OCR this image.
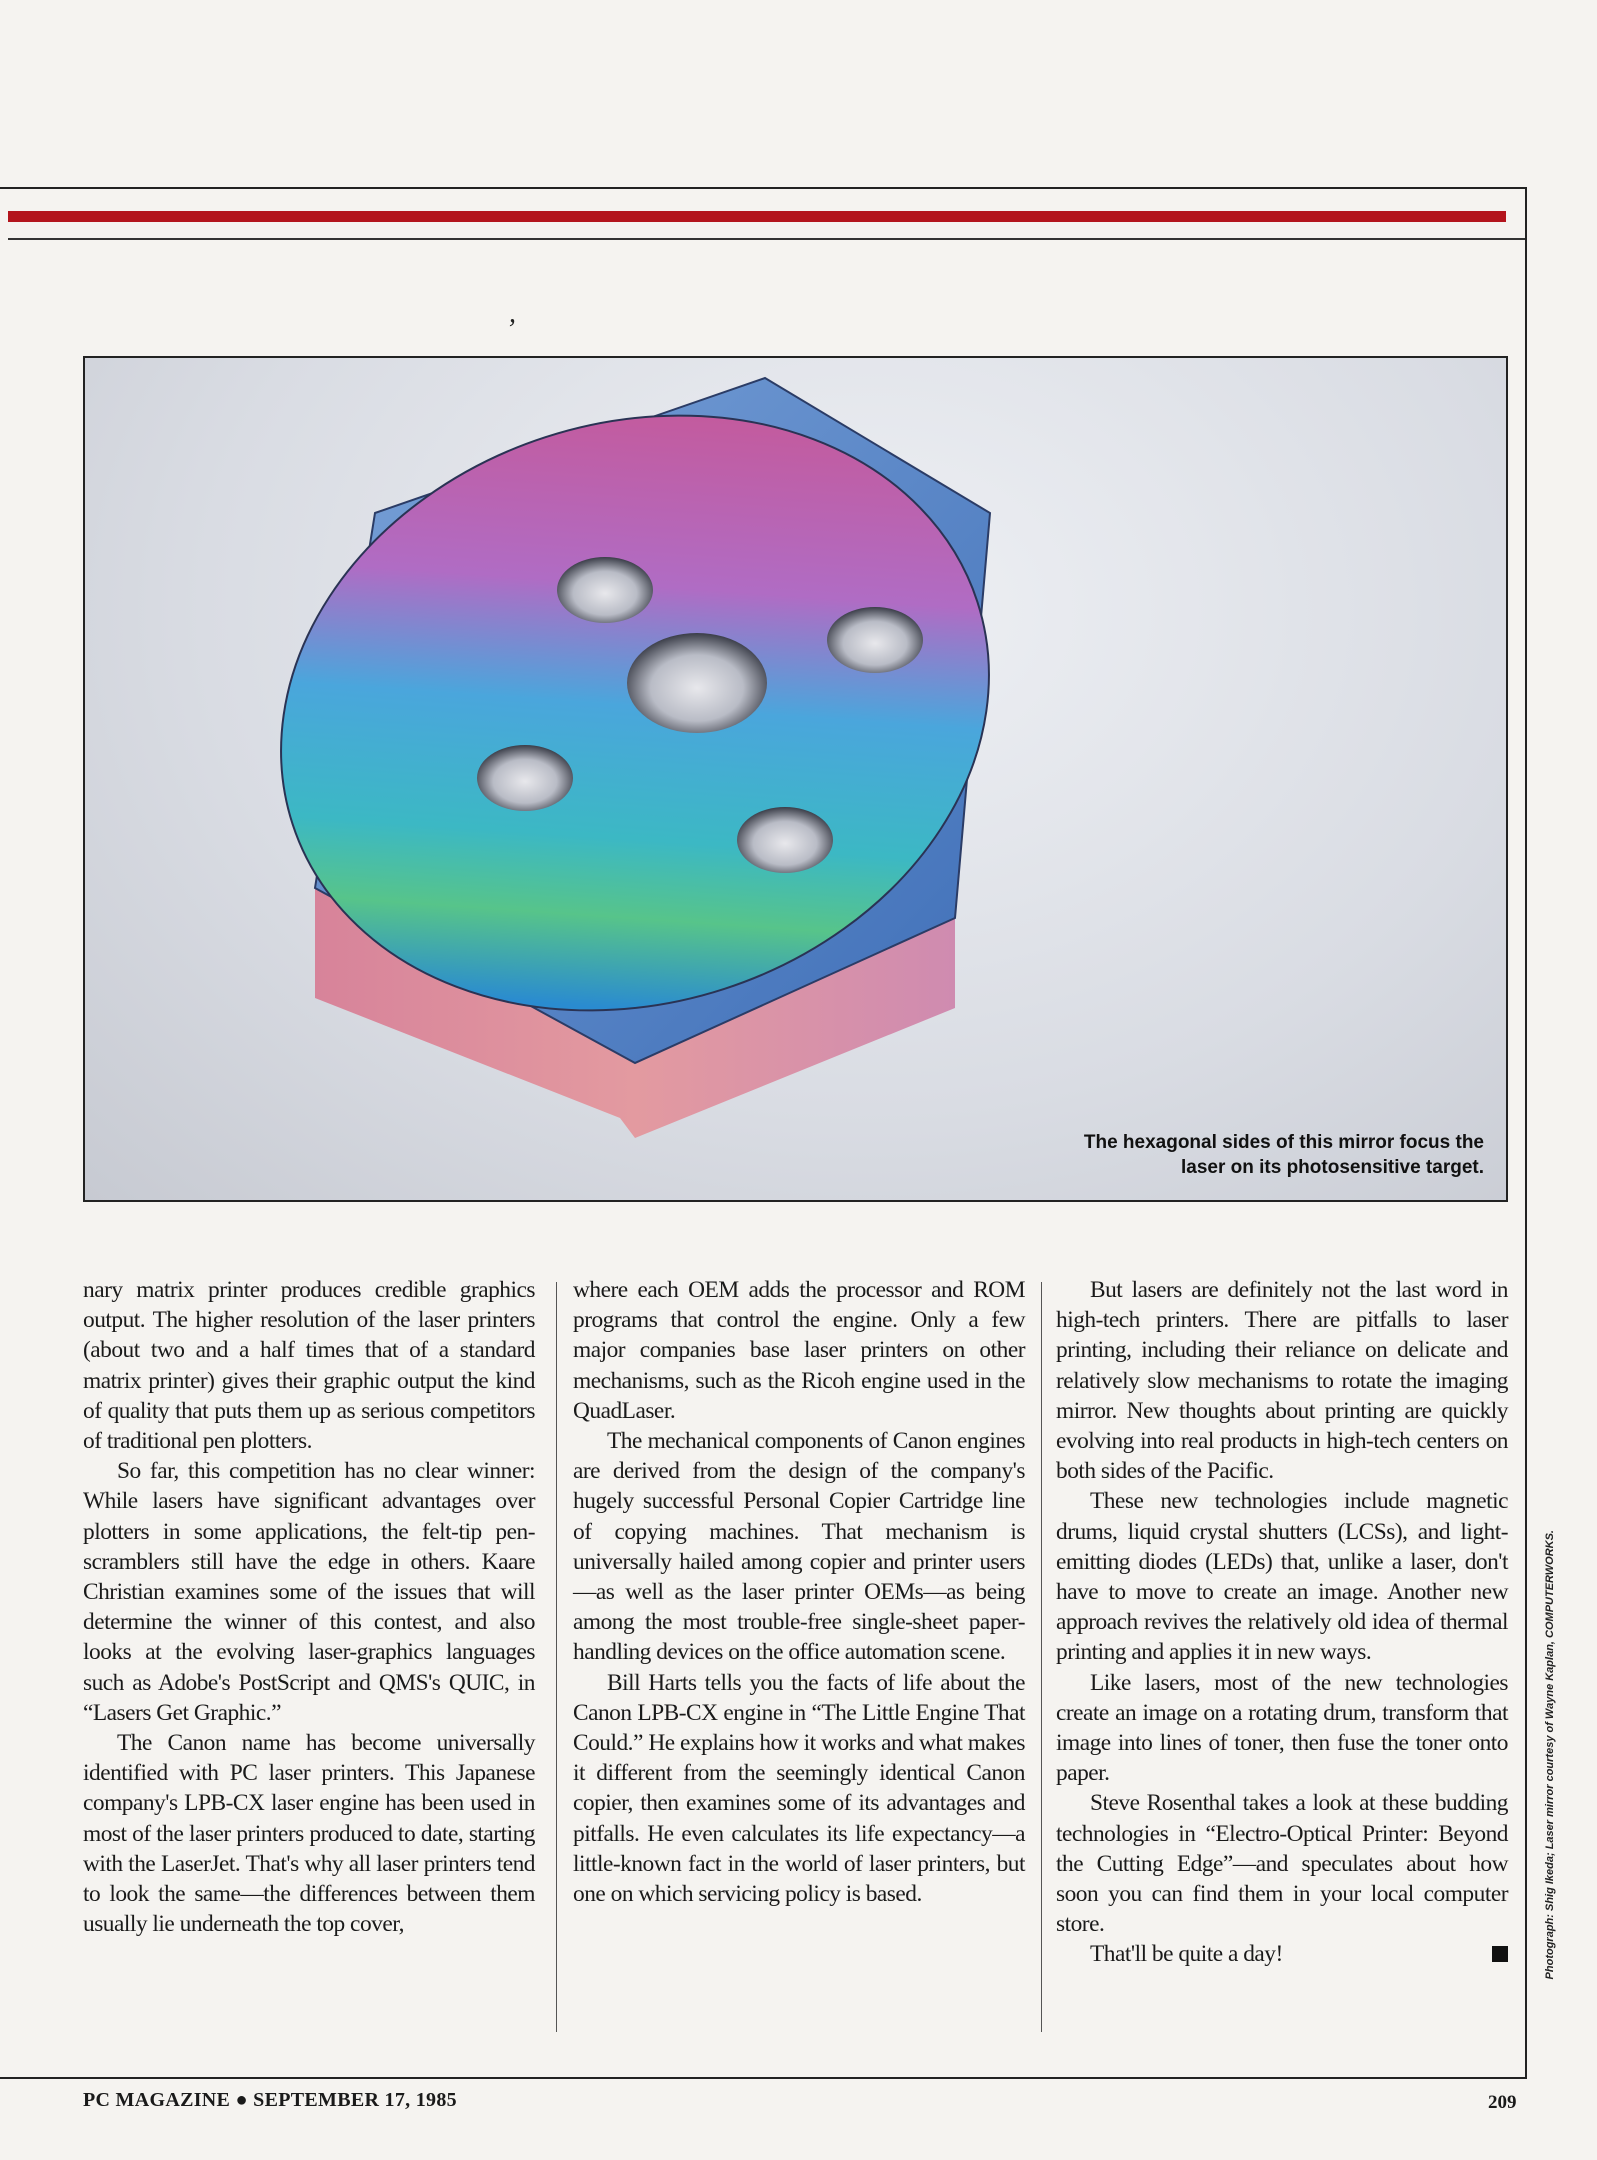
,
The hexagonal sides of this mirror focus the
laser on its photosensitive target.

nary matrix printer produces credible graphics output. The higher resolution of the laser printers (about two and a half times that of a standard matrix printer) gives their graphic output the kind of quality that puts them up as serious competitors of traditional pen plotters.

So far, this competition has no clear winner: While lasers have significant advantages over plotters in some applications, the felt-tip pen-scramblers still have the edge in others. Kaare Christian examines some of the issues that will determine the winner of this contest, and also looks at the evolving laser-graphics languages such as Adobe's PostScript and QMS's QUIC, in “Lasers Get Graphic.”

The Canon name has become universally identified with PC laser printers. This Japanese company's LPB-CX laser engine has been used in most of the laser printers produced to date, starting with the LaserJet. That's why all laser printers tend to look the same—the differences between them usually lie underneath the top cover,

where each OEM adds the processor and ROM programs that control the engine. Only a few major companies base laser printers on other mechanisms, such as the Ricoh engine used in the QuadLaser.

The mechanical components of Canon engines are derived from the design of the company's hugely successful Personal Copier Cartridge line of copying machines. That mechanism is universally hailed among copier and printer users—as well as the laser printer OEMs—as being among the most trouble-free single-sheet paper-handling devices on the office automation scene.

Bill Harts tells you the facts of life about the Canon LPB-CX engine in “The Little Engine That Could.” He explains how it works and what makes it different from the seemingly identical Canon copier, then examines some of its advantages and pitfalls. He even calculates its life expectancy—a little-known fact in the world of laser printers, but one on which servicing policy is based.

But lasers are definitely not the last word in high-tech printers. There are pitfalls to laser printing, including their reliance on delicate and relatively slow mechanisms to rotate the imaging mirror. New thoughts about printing are quickly evolving into real products in high-tech centers on both sides of the Pacific.

These new technologies include magnetic drums, liquid crystal shutters (LCSs), and light-emitting diodes (LEDs) that, unlike a laser, don't have to move to create an image. Another new approach revives the relatively old idea of thermal printing and applies it in new ways.

Like lasers, most of the new technologies create an image on a rotating drum, transform that image into lines of toner, then fuse the toner onto paper.

Steve Rosenthal takes a look at these budding technologies in “Electro-Optical Printer: Beyond the Cutting Edge”—and speculates about how soon you can find them in your local computer store.

That'll be quite a day!

PC MAGAZINE ● SEPTEMBER 17, 1985	209
Photograph: Shig Ikeda; Laser mirror courtesy of Wayne Kaplan, COMPUTERWORKS.
